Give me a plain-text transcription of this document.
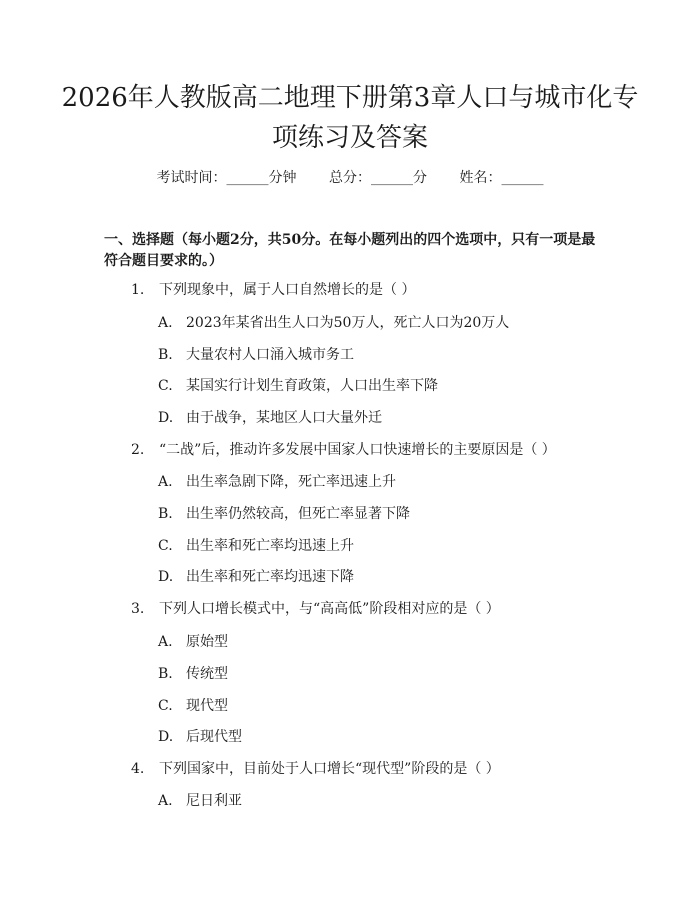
2026年人教版高二地理下册第3章人口与城市化专项练习及答案
考试时间：______分钟 总分：______分 姓名：______

一、选择题（每小题2分，共50分。在每小题列出的四个选项中，只有一项是最符合题目要求的。）

1. 下列现象中，属于人口自然增长的是（ ）
A. 2023年某省出生人口为50万人，死亡人口为20万人
B. 大量农村人口涌入城市务工
C. 某国实行计划生育政策，人口出生率下降
D. 由于战争，某地区人口大量外迁
2. “二战”后，推动许多发展中国家人口快速增长的主要原因是（ ）
A. 出生率急剧下降，死亡率迅速上升
B. 出生率仍然较高，但死亡率显著下降
C. 出生率和死亡率均迅速上升
D. 出生率和死亡率均迅速下降
3. 下列人口增长模式中，与“高高低”阶段相对应的是（ ）
A. 原始型
B. 传统型
C. 现代型
D. 后现代型
4. 下列国家中，目前处于人口增长“现代型”阶段的是（ ）
A. 尼日利亚
